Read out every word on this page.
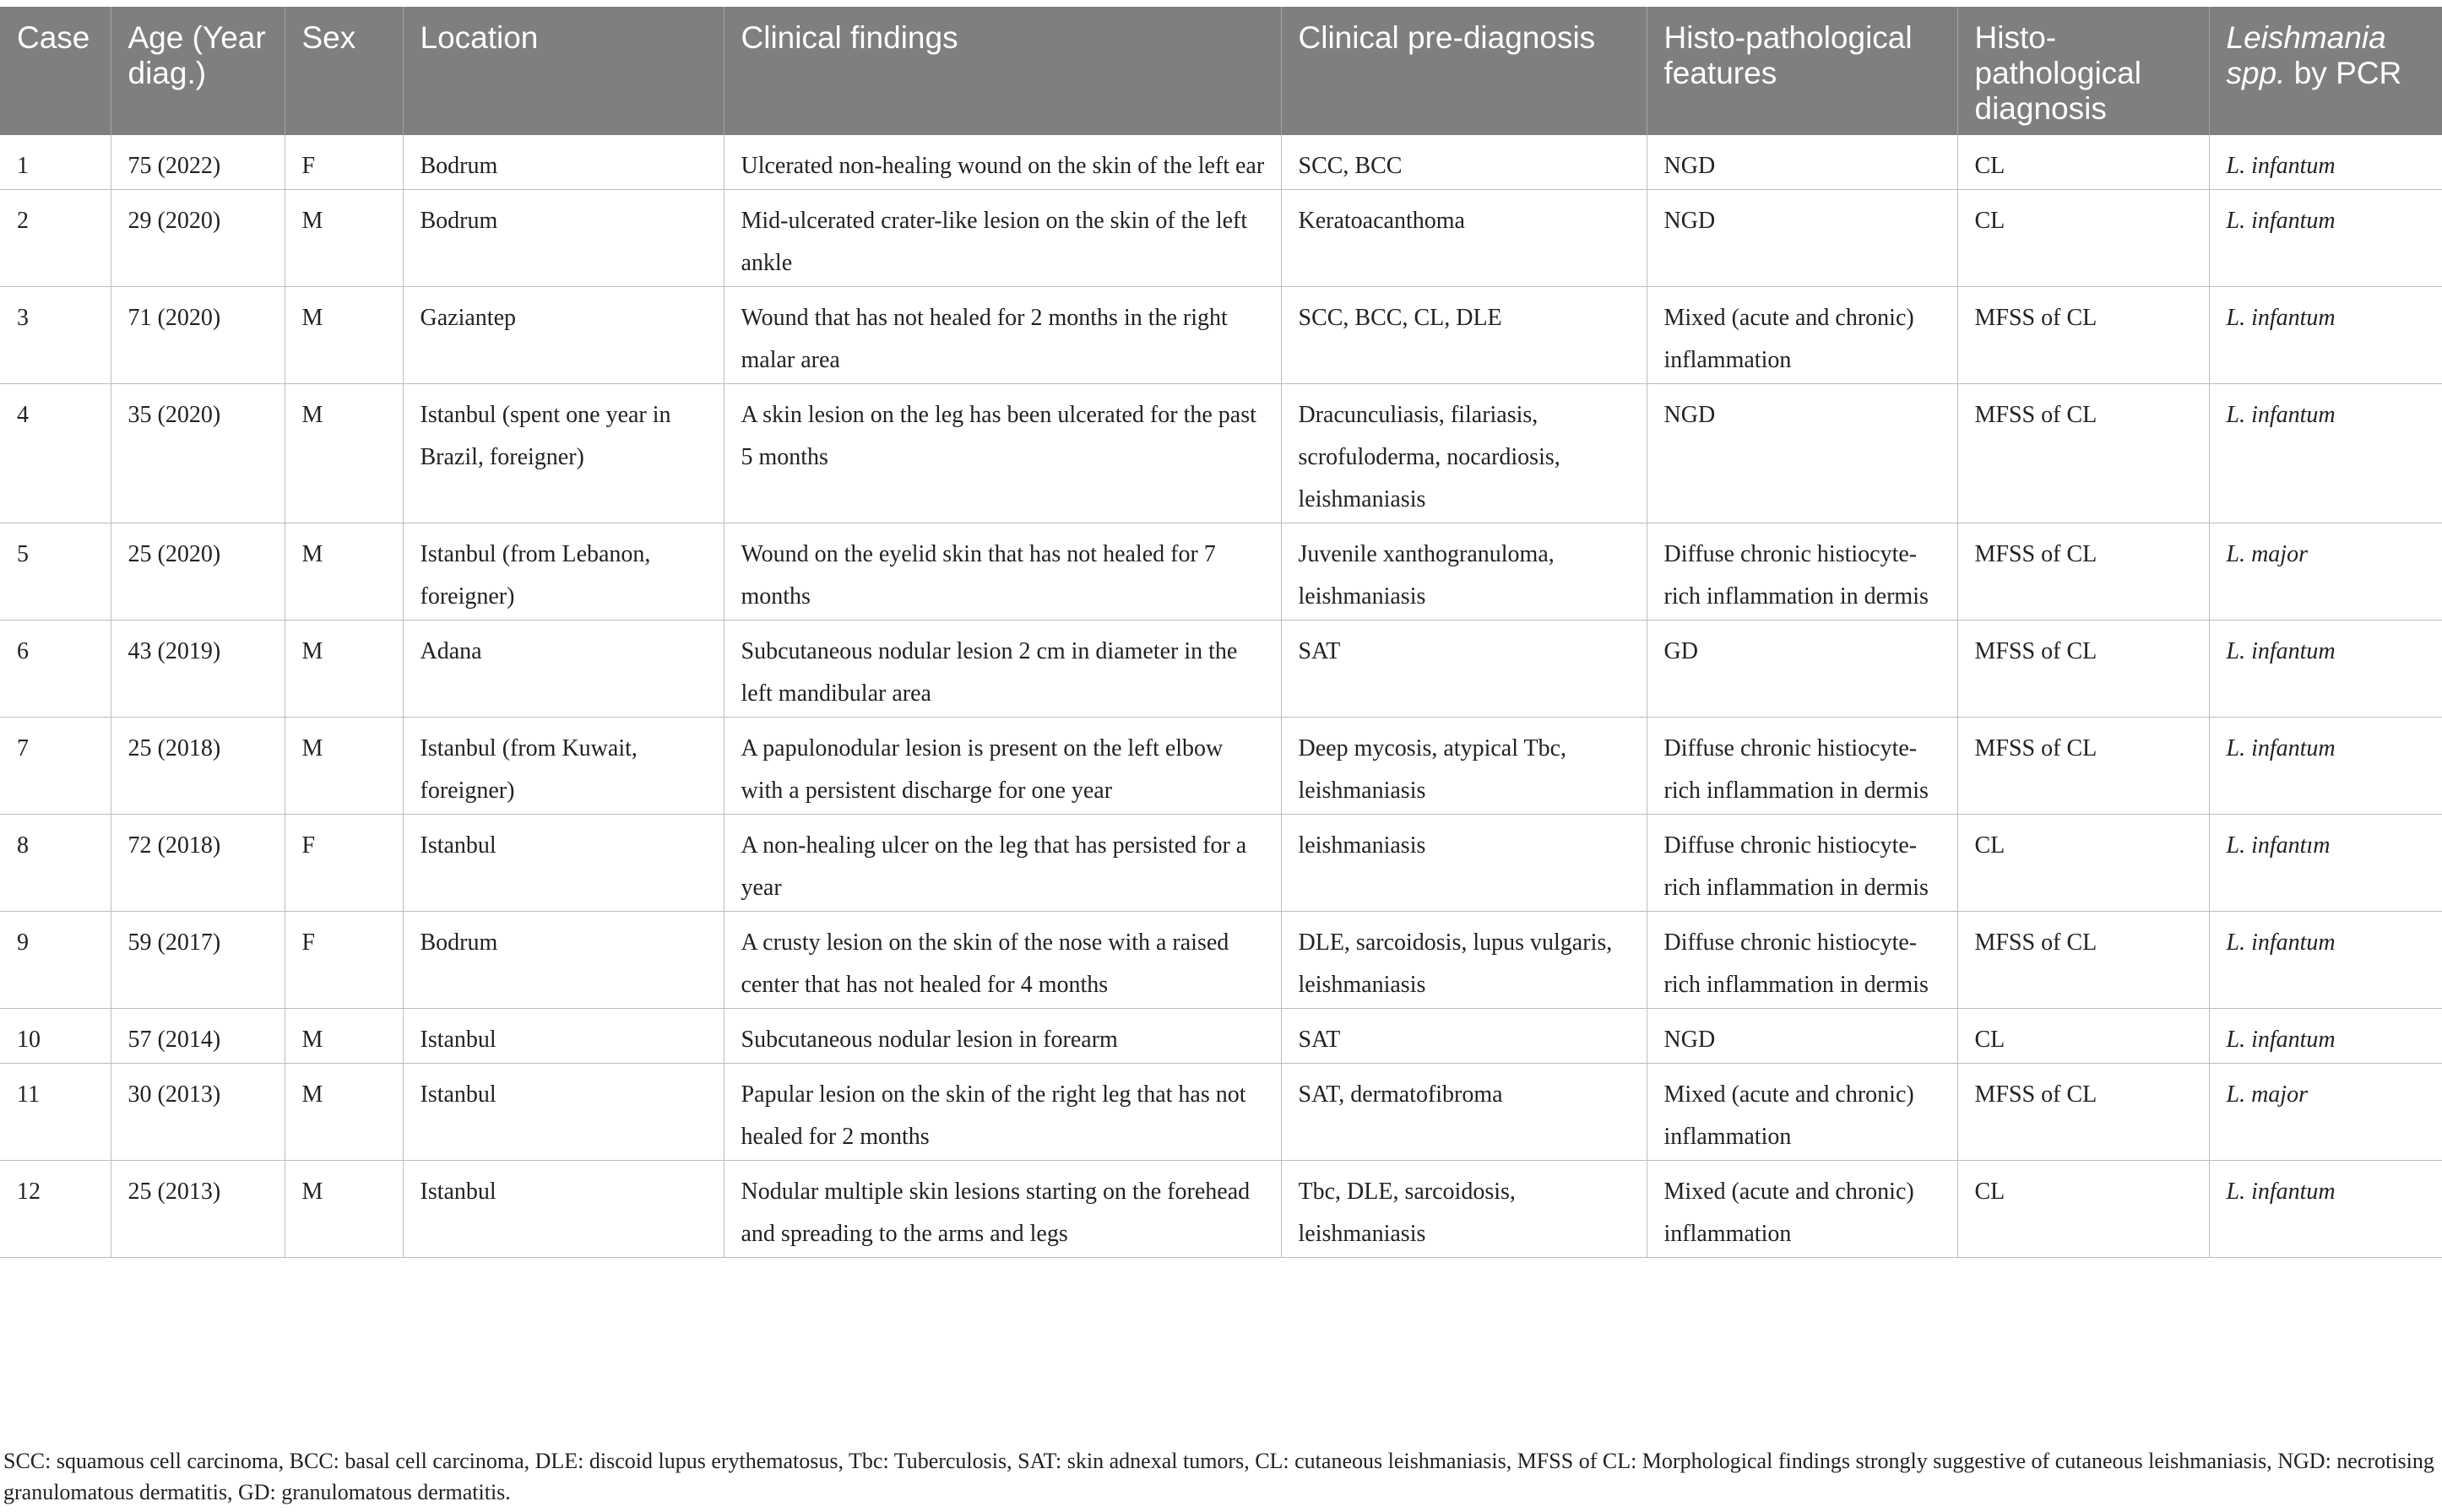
Case	Age (Year diag.)	Sex	Location	Clinical findings	Clinical pre-diagnosis	Histo-pathological features	Histo-pathological diagnosis	Leishmania spp. by PCR
1	75 (2022)	F	Bodrum	Ulcerated non-healing wound on the skin of the left ear	SCC, BCC	NGD	CL	L. infantum
2	29 (2020)	M	Bodrum	Mid-ulcerated crater-like lesion on the skin of the left ankle	Keratoacanthoma	NGD	CL	L. infantum
3	71 (2020)	M	Gaziantep	Wound that has not healed for 2 months in the right malar area	SCC, BCC, CL, DLE	Mixed (acute and chronic) inflammation	MFSS of CL	L. infantum
4	35 (2020)	M	Istanbul (spent one year in Brazil, foreigner)	A skin lesion on the leg has been ulcerated for the past 5 months	Dracunculiasis, filariasis, scrofuloderma, nocardiosis, leishmaniasis	NGD	MFSS of CL	L. infantum
5	25 (2020)	M	Istanbul (from Lebanon, foreigner)	Wound on the eyelid skin that has not healed for 7 months	Juvenile xanthogranuloma, leishmaniasis	Diffuse chronic histiocyte-rich inflammation in dermis	MFSS of CL	L. major
6	43 (2019)	M	Adana	Subcutaneous nodular lesion 2 cm in diameter in the left mandibular area	SAT	GD	MFSS of CL	L. infantum
7	25 (2018)	M	Istanbul (from Kuwait, foreigner)	A papulonodular lesion is present on the left elbow with a persistent discharge for one year	Deep mycosis, atypical Tbc, leishmaniasis	Diffuse chronic histiocyte-rich inflammation in dermis	MFSS of CL	L. infantum
8	72 (2018)	F	Istanbul	A non-healing ulcer on the leg that has persisted for a year	leishmaniasis	Diffuse chronic histiocyte-rich inflammation in dermis	CL	L. infantım
9	59 (2017)	F	Bodrum	A crusty lesion on the skin of the nose with a raised center that has not healed for 4 months	DLE, sarcoidosis, lupus vulgaris, leishmaniasis	Diffuse chronic histiocyte-rich inflammation in dermis	MFSS of CL	L. infantum
10	57 (2014)	M	Istanbul	Subcutaneous nodular lesion in forearm	SAT	NGD	CL	L. infantum
11	30 (2013)	M	Istanbul	Papular lesion on the skin of the right leg that has not healed for 2 months	SAT, dermatofibroma	Mixed (acute and chronic) inflammation	MFSS of CL	L. major
12	25 (2013)	M	Istanbul	Nodular multiple skin lesions starting on the forehead and spreading to the arms and legs	Tbc, DLE, sarcoidosis, leishmaniasis	Mixed (acute and chronic) inflammation	CL	L. infantum
SCC: squamous cell carcinoma, BCC: basal cell carcinoma, DLE: discoid lupus erythematosus, Tbc: Tuberculosis, SAT: skin adnexal tumors, CL: cutaneous leishmaniasis, MFSS of CL: Morphological findings strongly suggestive of cutaneous leishmaniasis, NGD: necrotising granulomatous dermatitis, GD: granulomatous dermatitis.
